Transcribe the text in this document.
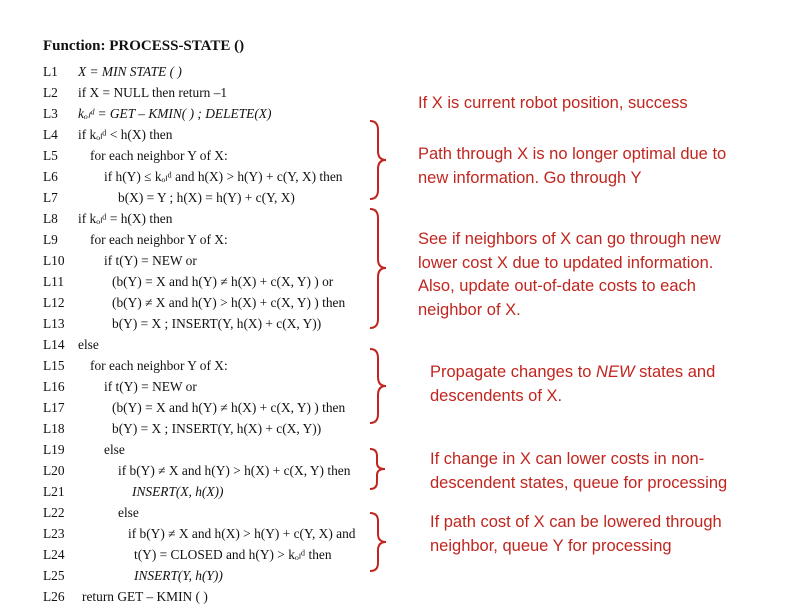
Function: PROCESS-STATE ()
L1 X = MIN STATE ( )
L2 if X = NULL then return –1
L3 kₒₗᵈ = GET – KMIN( ) ; DELETE(X)
L4 if kₒₗᵈ < h(X) then
L5 for each neighbor Y of X:
L6	if h(Y) ≤ kₒₗᵈ and h(X) > h(Y) + c(Y, X) then
L7	b(X) = Y ; h(X) = h(Y) + c(Y, X)
L8 if kₒₗᵈ = h(X) then
L9 for each neighbor Y of X:
L10	if t(Y) = NEW or
L11	(b(Y) = X and h(Y) ≠ h(X) + c(X, Y) ) or
L12	(b(Y) ≠ X and h(Y) > h(X) + c(X, Y) ) then
L13	b(Y) = X ; INSERT(Y, h(X) + c(X, Y))
L14 else
L15 for each neighbor Y of X:
L16	if t(Y) = NEW or
L17	(b(Y) = X and h(Y) ≠ h(X) + c(X, Y) ) then
L18	b(Y) = X ; INSERT(Y, h(X) + c(X, Y))
L19	else
L20	if b(Y) ≠ X and h(Y) > h(X) + c(X, Y) then
L21	INSERT(X, h(X))
L22	else
L23	if b(Y) ≠ X and h(X) > h(Y) + c(Y, X) and
L24	t(Y) = CLOSED and h(Y) > kₒₗᵈ then
L25	INSERT(Y, h(Y))
L26 return GET – KMIN ( )
If X is current robot position, success
Path through X is no longer optimal due to
new information. Go through Y
See if neighbors of X can go through new
lower cost X due to updated information.
Also, update out-of-date costs to each
neighbor of X.
Propagate changes to NEW states and
descendents of X.
If change in X can lower costs in non-
descendent states, queue for processing
If path cost of X can be lowered through
neighbor, queue Y for processing
